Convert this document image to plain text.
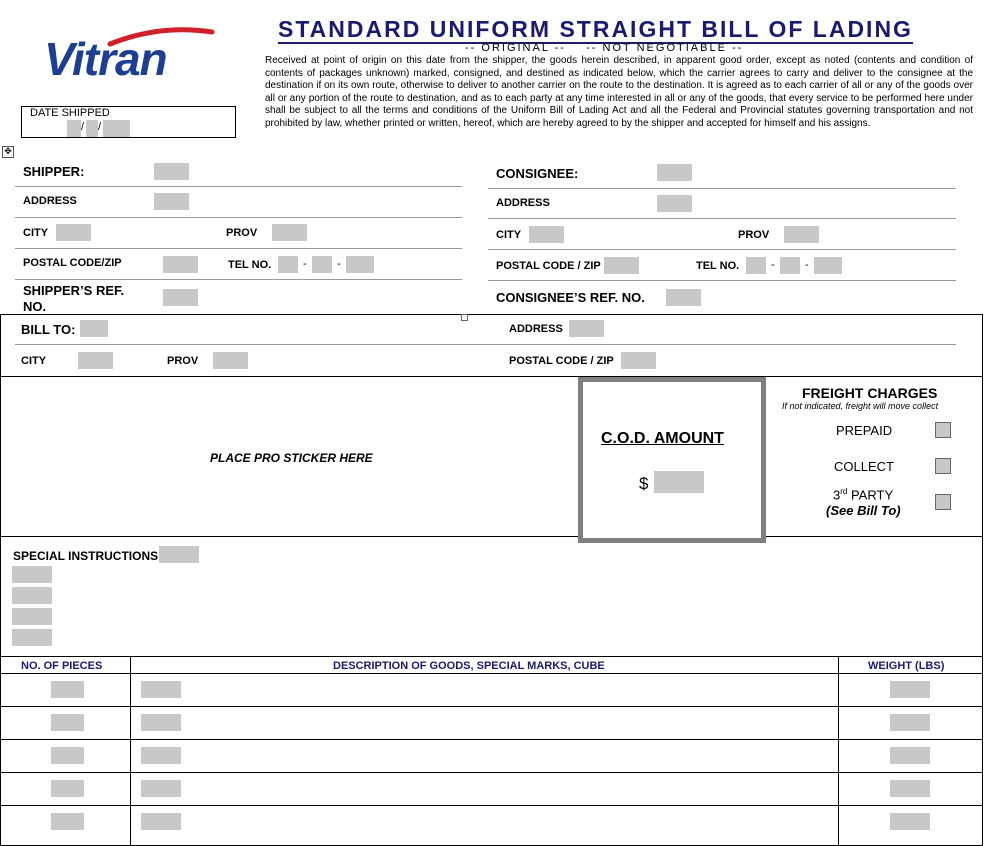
Vitran
STANDARD UNIFORM STRAIGHT BILL OF LADING
-- ORIGINAL --    -- NOT NEGOTIABLE --
Received at point of origin on this date from the shipper, the goods herein described, in apparent good order, except as noted (contents and condition of contents of packages unknown) marked, consigned, and destined as indicated below, which the carrier agrees to carry and deliver to the consignee at the destination if on its own route, otherwise to deliver to another carrier on the route to the destination. It is agreed as to each carrier of all or any of the goods over all or any portion of the route to destination, and as to each party at any time interested in all or any of the goods, that every service to be performed here under shall be subject to all the terms and conditions of the Uniform Bill of Lading Act and all the Federal and Provincial statutes governing transportation and not prohibited by law, whether printed or written, hereof, which are hereby agreed to by the shipper and accepted for himself and his assigns.
DATE SHIPPED
/ /
✥
SHIPPER:
ADDRESS
CITY	PROV
POSTAL CODE/ZIP	TEL NO.	-	-
SHIPPER’S REF.
NO.
CONSIGNEE:
ADDRESS
CITY	PROV
POSTAL CODE / ZIP	TEL NO.	-	-
CONSIGNEE’S REF. NO.
BILL TO:	ADDRESS
CITY	PROV	POSTAL CODE / ZIP
PLACE PRO STICKER HERE
C.O.D. AMOUNT
$
FREIGHT CHARGES
If not indicated, freight will move collect
PREPAID
COLLECT
3rd PARTY
(See Bill To)
SPECIAL INSTRUCTIONS
NO. OF PIECES	DESCRIPTION OF GOODS, SPECIAL MARKS, CUBE	WEIGHT (LBS)
